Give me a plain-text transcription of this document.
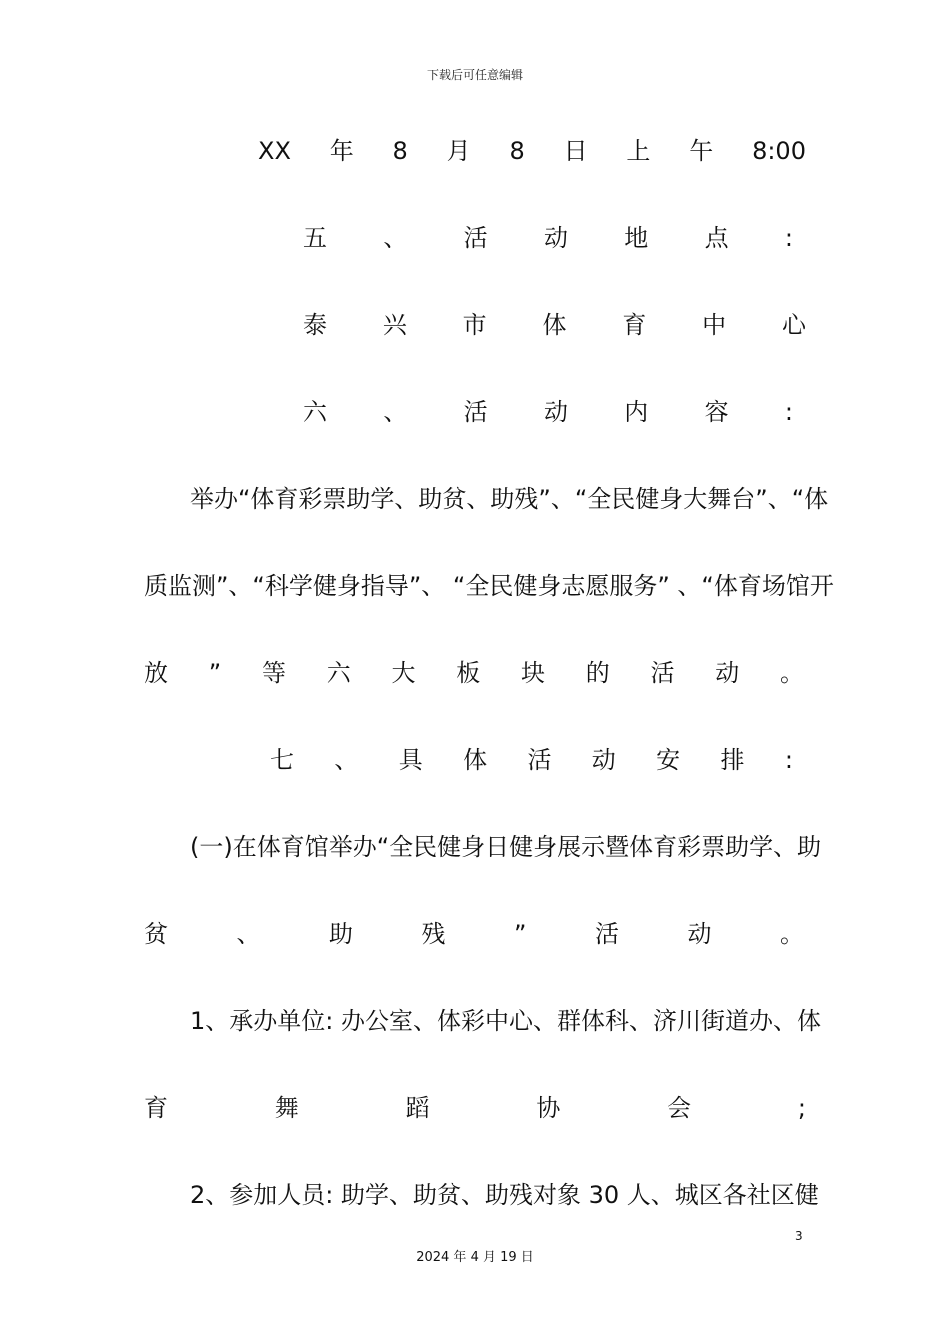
下载后可任意编辑
XX 年 8 月 8 日 上 午 8:00
五 、 活 动 地 点 :
泰 兴 市 体 育 中 心
六 、 活 动 内 容 :
举办“体育彩票助学、助贫、助残”、“全民健身大舞台”、“体
质监测”、“科学健身指导”、 “全民健身志愿服务” 、“体育场馆开
放 ” 等 六 大 板 块 的 活 动 。
七 、 具 体 活 动 安 排 :
(一)在体育馆举办“全民健身日健身展示暨体育彩票助学、助
贫	、	助	残	”	活	动	。
1、承办单位: 办公室、体彩中心、群体科、济川街道办、体
育	舞	蹈	协	会	;
2、参加人员: 助学、助贫、助残对象 30 人、城区各社区健
3
2024 年 4 月 19 日
